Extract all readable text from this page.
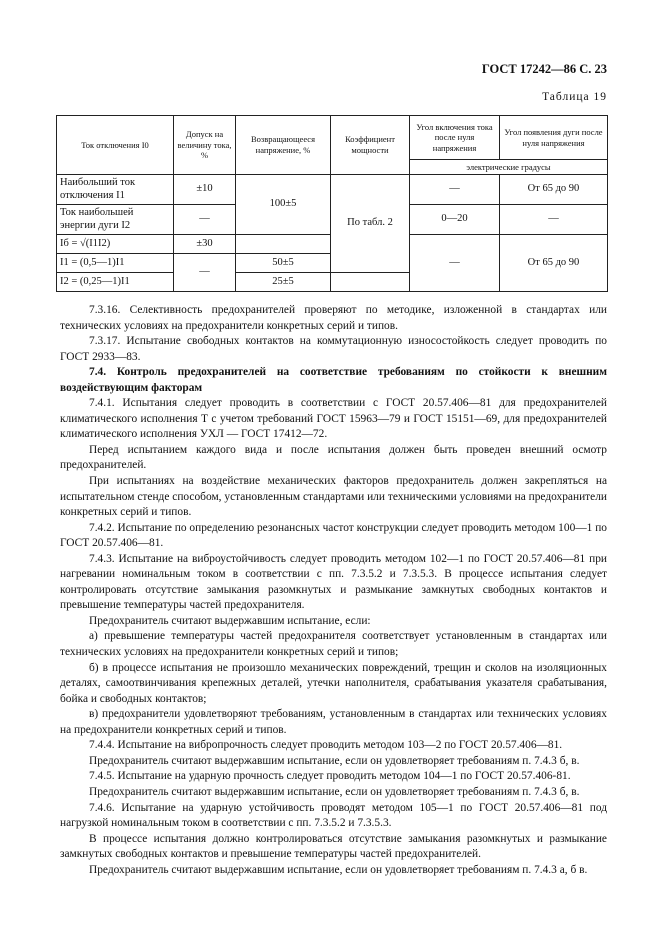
ГОСТ 17242—86 С. 23
Таблица 19
Ток отключения I0	Допуск на величину тока, %	Возвращающееся напряжение, %	Коэффициент мощности	Угол включения тока после нуля напряжения	Угол появления дуги после нуля напряжения
				электрические градусы	
Наибольший ток отключения I1	±10	100±5	По табл. 2	—	От 65 до 90
Ток наибольшей энергии дуги I2	—			0—20	—
Iб = √(I1I2)	±30			—	От 65 до 90
I1 = (0,5—1)I1	—	50±5			
I2 = (0,25—1)I1		25±5			

7.3.16. Селективность предохранителей проверяют по методике, изложенной в стандартах или технических условиях на предохранители конкретных серий и типов.

7.3.17. Испытание свободных контактов на коммутационную износостойкость следует проводить по ГОСТ 2933—83.

7.4. Контроль предохранителей на соответствие требованиям по стойкости к внешним воздействующим факторам

7.4.1. Испытания следует проводить в соответствии с ГОСТ 20.57.406—81 для предохранителей климатического исполнения Т с учетом требований ГОСТ 15963—79 и ГОСТ 15151—69, для предохранителей климатического исполнения УХЛ — ГОСТ 17412—72.

Перед испытанием каждого вида и после испытания должен быть проведен внешний осмотр предохранителей.

При испытаниях на воздействие механических факторов предохранитель должен закрепляться на испытательном стенде способом, установленным стандартами или техническими условиями на предохранители конкретных серий и типов.

7.4.2. Испытание по определению резонансных частот конструкции следует проводить методом 100—1 по ГОСТ 20.57.406—81.

7.4.3. Испытание на виброустойчивость следует проводить методом 102—1 по ГОСТ 20.57.406—81 при нагревании номинальным током в соответствии с пп. 7.3.5.2 и 7.3.5.3. В процессе испытания следует контролировать отсутствие замыкания разомкнутых и размыкание замкнутых свободных контактов и превышение температуры частей предохранителя.

Предохранитель считают выдержавшим испытание, если:

а) превышение температуры частей предохранителя соответствует установленным в стандартах или технических условиях на предохранители конкретных серий и типов;

б) в процессе испытания не произошло механических повреждений, трещин и сколов на изоляционных деталях, самоотвинчивания крепежных деталей, утечки наполнителя, срабатывания указателя срабатывания, бойка и свободных контактов;

в) предохранители удовлетворяют требованиям, установленным в стандартах или технических условиях на предохранители конкретных серий и типов.

7.4.4. Испытание на вибропрочность следует проводить методом 103—2 по ГОСТ 20.57.406—81.

Предохранитель считают выдержавшим испытание, если он удовлетворяет требованиям п. 7.4.3 б, в.

7.4.5. Испытание на ударную прочность следует проводить методом 104—1 по ГОСТ 20.57.406-81.

Предохранитель считают выдержавшим испытание, если он удовлетворяет требованиям п. 7.4.3 б, в.

7.4.6. Испытание на ударную устойчивость проводят методом 105—1 по ГОСТ 20.57.406—81 под нагрузкой номинальным током в соответствии с пп. 7.3.5.2 и 7.3.5.3.

В процессе испытания должно контролироваться отсутствие замыкания разомкнутых и размыкание замкнутых свободных контактов и превышение температуры частей предохранителей.

Предохранитель считают выдержавшим испытание, если он удовлетворяет требованиям п. 7.4.3 а, б в.
